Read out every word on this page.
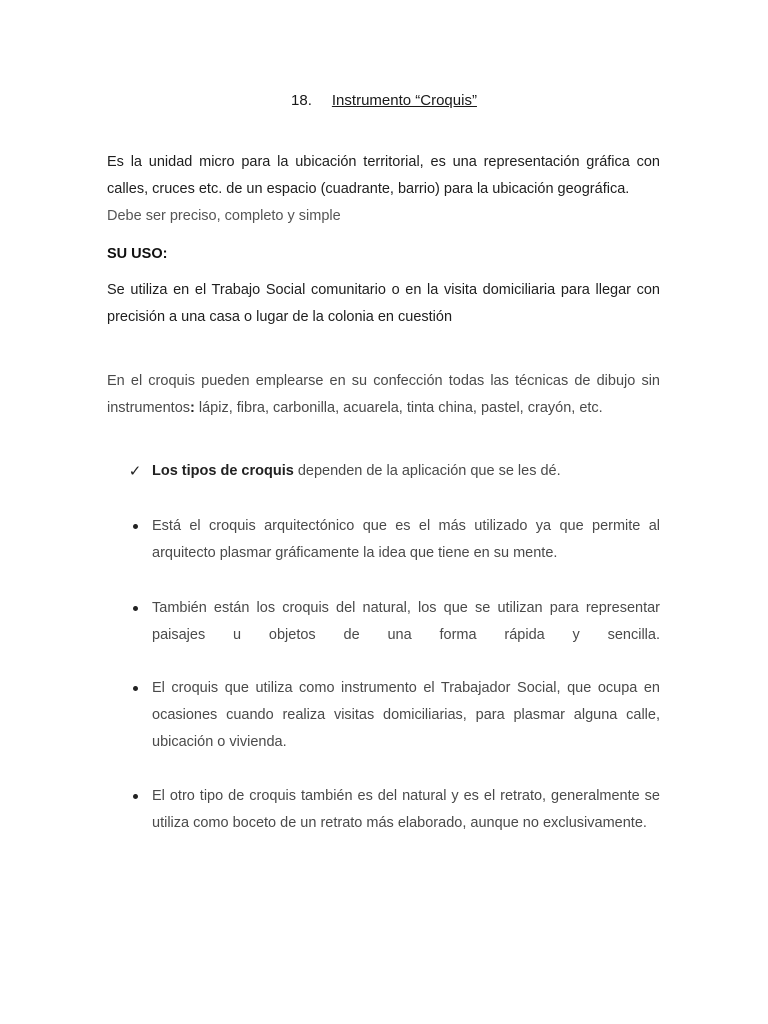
18. Instrumento “Croquis”

Es la unidad micro para la ubicación territorial, es una representación gráfica con calles, cruces etc. de un espacio (cuadrante, barrio) para la ubicación geográfica.

Debe ser preciso, completo y simple

SU USO:

Se utiliza en el Trabajo Social comunitario o en la visita domiciliaria para llegar con precisión a una casa o lugar de la colonia en cuestión

En el croquis pueden emplearse en su confección todas las técnicas de dibujo sin instrumentos: lápiz, fibra, carbonilla, acuarela, tinta china, pastel, crayón, etc.

✓ Los tipos de croquis dependen de la aplicación que se les dé.

Está el croquis arquitectónico que es el más utilizado ya que permite al arquitecto plasmar gráficamente la idea que tiene en su mente.

También están los croquis del natural, los que se utilizan para representar
paisajes u objetos de una forma rápida y sencilla.

El croquis que utiliza como instrumento el Trabajador Social, que ocupa en ocasiones cuando realiza visitas domiciliarias, para plasmar alguna calle, ubicación o vivienda.

El otro tipo de croquis también es del natural y es el retrato, generalmente se utiliza como boceto de un retrato más elaborado, aunque no exclusivamente.
